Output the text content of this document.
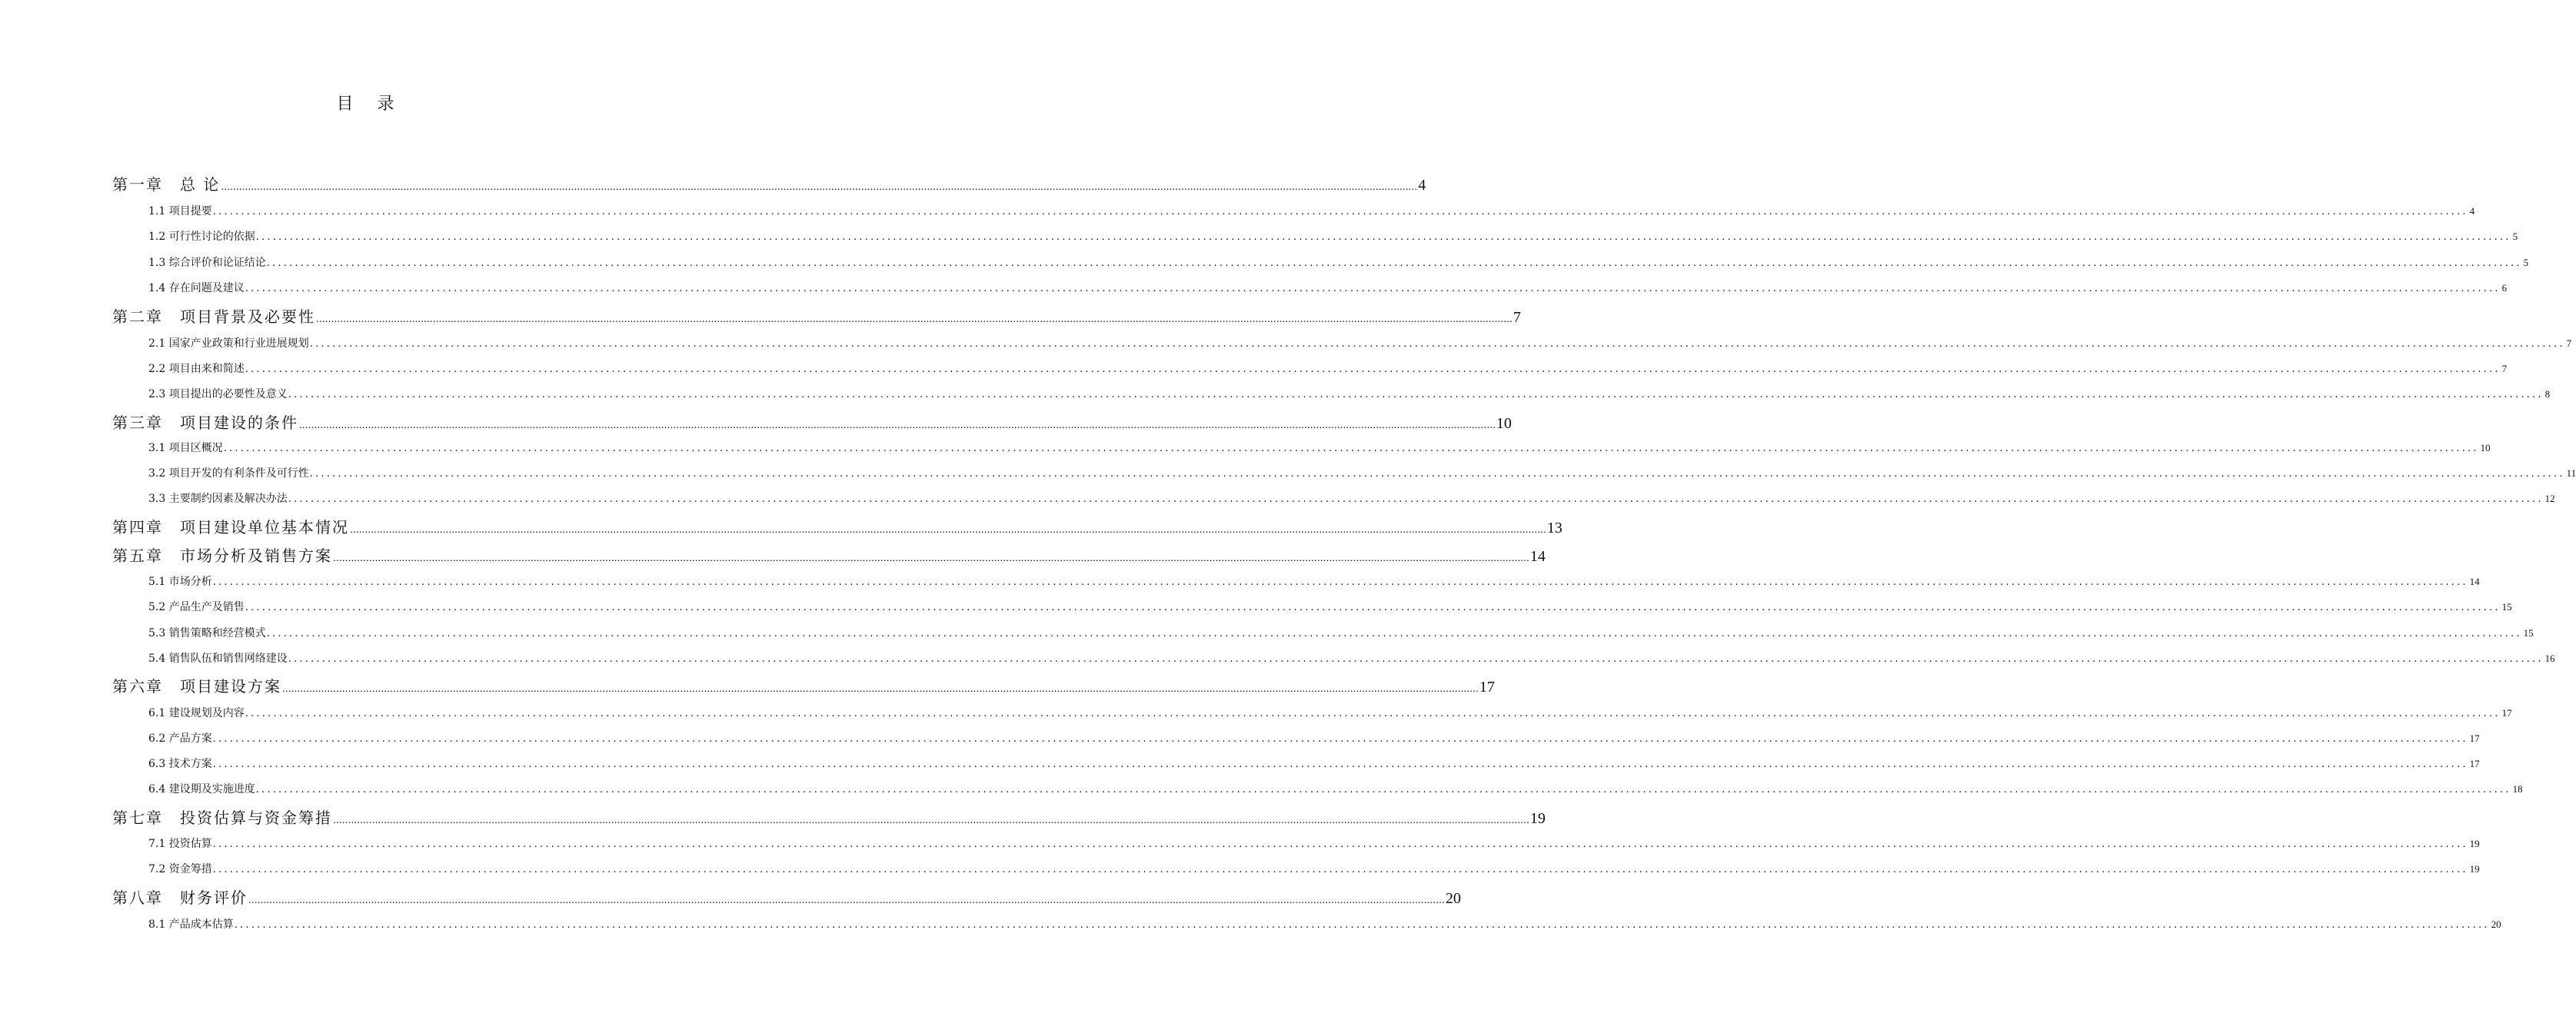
目 录
第一章　总 论 ................................................................................................................................................................................................................................................................................................................................................................................................................ 4
1.1 项目提要 ................................................................................................................................................................................................................................................................................................................................................................................................................ 4
1.2 可行性讨论的依据 ................................................................................................................................................................................................................................................................................................................................................................................................................ 5
1.3 综合评价和论证结论 ................................................................................................................................................................................................................................................................................................................................................................................................................ 5
1.4 存在问题及建议 ................................................................................................................................................................................................................................................................................................................................................................................................................ 6
第二章　项目背景及必要性 ................................................................................................................................................................................................................................................................................................................................................................................................................ 7
2.1 国家产业政策和行业进展规划 ................................................................................................................................................................................................................................................................................................................................................................................................................ 7
2.2 项目由来和简述 ................................................................................................................................................................................................................................................................................................................................................................................................................ 7
2.3 项目提出的必要性及意义 ................................................................................................................................................................................................................................................................................................................................................................................................................ 8
第三章　项目建设的条件 ................................................................................................................................................................................................................................................................................................................................................................................................................ 10
3.1 项目区概况 ................................................................................................................................................................................................................................................................................................................................................................................................................ 10
3.2 项目开发的有利条件及可行性 ................................................................................................................................................................................................................................................................................................................................................................................................................ 11
3.3 主要制约因素及解决办法 ................................................................................................................................................................................................................................................................................................................................................................................................................ 12
第四章　项目建设单位基本情况 ................................................................................................................................................................................................................................................................................................................................................................................................................ 13
第五章　市场分析及销售方案 ................................................................................................................................................................................................................................................................................................................................................................................................................ 14
5.1 市场分析 ................................................................................................................................................................................................................................................................................................................................................................................................................ 14
5.2 产品生产及销售 ................................................................................................................................................................................................................................................................................................................................................................................................................ 15
5.3 销售策略和经营模式 ................................................................................................................................................................................................................................................................................................................................................................................................................ 15
5.4 销售队伍和销售网络建设 ................................................................................................................................................................................................................................................................................................................................................................................................................ 16
第六章　项目建设方案 ................................................................................................................................................................................................................................................................................................................................................................................................................ 17
6.1 建设规划及内容 ................................................................................................................................................................................................................................................................................................................................................................................................................ 17
6.2 产品方案 ................................................................................................................................................................................................................................................................................................................................................................................................................ 17
6.3 技术方案 ................................................................................................................................................................................................................................................................................................................................................................................................................ 17
6.4 建设期及实施进度 ................................................................................................................................................................................................................................................................................................................................................................................................................ 18
第七章　投资估算与资金筹措 ................................................................................................................................................................................................................................................................................................................................................................................................................ 19
7.1 投资估算 ................................................................................................................................................................................................................................................................................................................................................................................................................ 19
7.2 资金筹措 ................................................................................................................................................................................................................................................................................................................................................................................................................ 19
第八章　财务评价 ................................................................................................................................................................................................................................................................................................................................................................................................................ 20
8.1 产品成本估算 ................................................................................................................................................................................................................................................................................................................................................................................................................ 20
